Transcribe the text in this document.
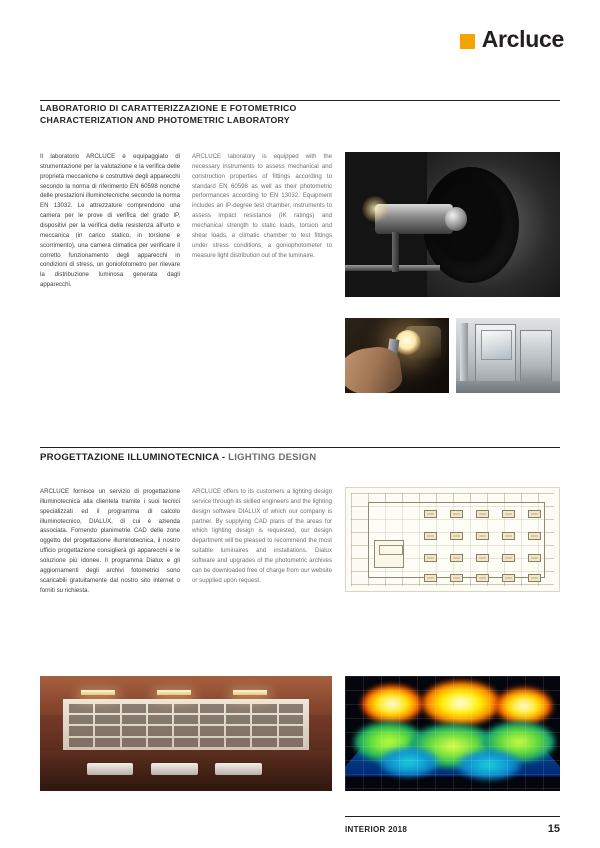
Arcluce
LABORATORIO DI CARATTERIZZAZIONE E FOTOMETRICO
CHARACTERIZATION AND PHOTOMETRIC LABORATORY
Il laboratorio ARCLUCE è equipaggiato di strumentazione per la valutazione e la verifica delle proprietà meccaniche e costruttive degli apparecchi secondo la norma di riferimento EN 60598 nonché delle prestazioni illuminotecniche secondo la norma EN 13032. Le attrezzature comprendono una camera per le prove di verifica del grado IP, dispositivi per la verifica della resistenza all'urto e meccanica (in carico statico, in torsione e scorrimento), una camera climatica per verificare il corretto funzionamento degli apparecchi in condizioni di stress, un goniofotometro per rilevare la distribuzione luminosa generata dagli apparecchi.
ARCLUCE laboratory is equipped with the necessary instruments to assess mechanical and construction properties of fittings according to standard EN 60598 as well as their photometric performances according to EN 13032. Equipment includes an IP-degree test chamber, instruments to assess impact resistance (IK ratings) and mechanical strength to static loads, torsion and shear loads, a climatic chamber to test fittings under stress conditions, a goniophotometer to measure light distribution out of the luminaire.
PROGETTAZIONE ILLUMINOTECNICA - LIGHTING DESIGN
ARCLUCE fornisce un servizio di progettazione illuminotecnica alla clientela tramite i suoi tecnici specializzati ed il programma di calcolo illuminotecnico, DIALUX, di cui è azienda associata. Fornendo planimetrie CAD delle zone oggetto del progettazione illuminotecnica, il nostro ufficio progettazione consiglierà gli apparecchi e le soluzione più idonee. Il programma Dialux e gli aggiornamenti degli archivi fotometrici sono scaricabili gratuitamente dal nostro sito internet o forniti su richiesta.
ARCLUCE offers to its customers a lighting design service through its skilled engineers and the lighting design software DIALUX of which our company is partner. By supplying CAD plans of the areas for which lighting design is requested, our design department will be pleased to recommend the most suitable luminaires and installations. Dialux software and upgrades of the photometric archives can be downloaded free of charge from our website or supplied upon request.
INTERIOR 2018	15
